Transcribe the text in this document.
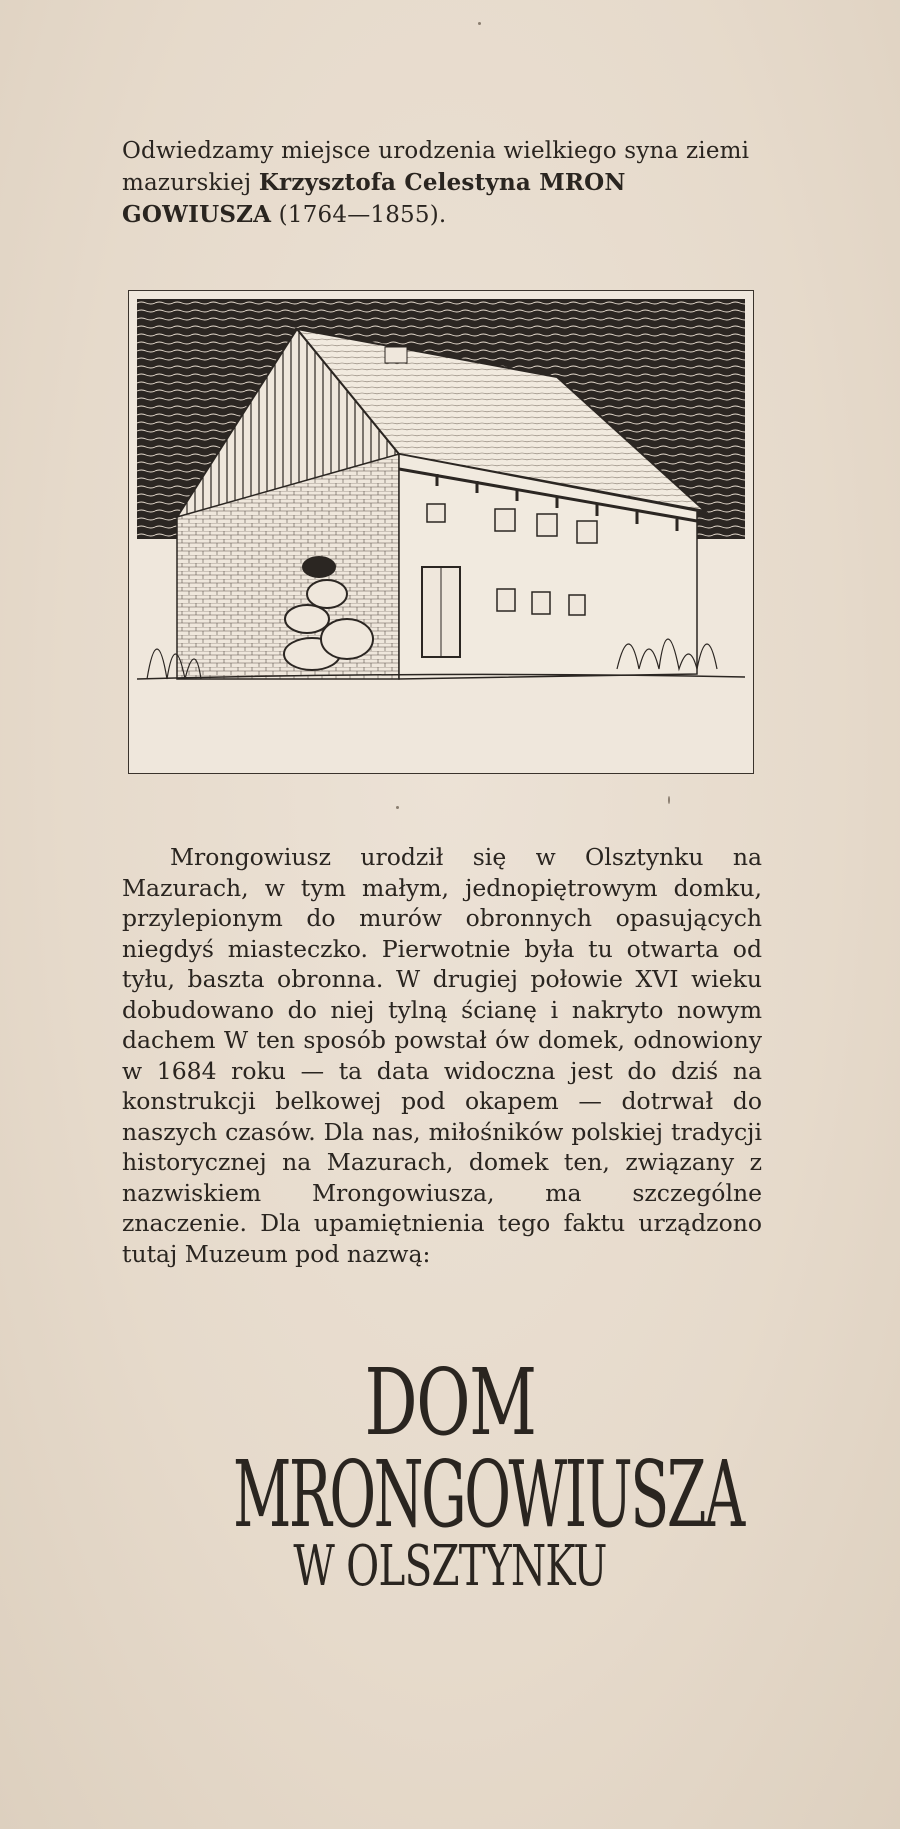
Odwiedzamy miejsce urodzenia wielkiego syna ziemi mazurskiej Krzysztofa Celestyna MRON GOWIUSZA (1764—1855).

Mrongowiusz urodził się w Olsztynku na Mazurach, w tym małym, jednopiętrowym domku, przylepionym do murów obronnych opasujących niegdyś miasteczko. Pierwotnie była tu otwarta od tyłu, baszta obronna. W drugiej połowie XVI wieku dobudowano do niej tylną ścianę i nakryto nowym dachem W ten sposób powstał ów domek, odnowiony w 1684 roku — ta data widoczna jest do dziś na konstrukcji belkowej pod okapem — dotrwał do naszych czasów. Dla nas, miłośników polskiej tradycji historycznej na Mazurach, domek ten, związany z nazwiskiem Mrongowiusza, ma szczególne znaczenie. Dla upamiętnienia tego faktu urządzono tutaj Muzeum pod nazwą:

DOM
MRONGOWIUSZA
W OLSZTYNKU
